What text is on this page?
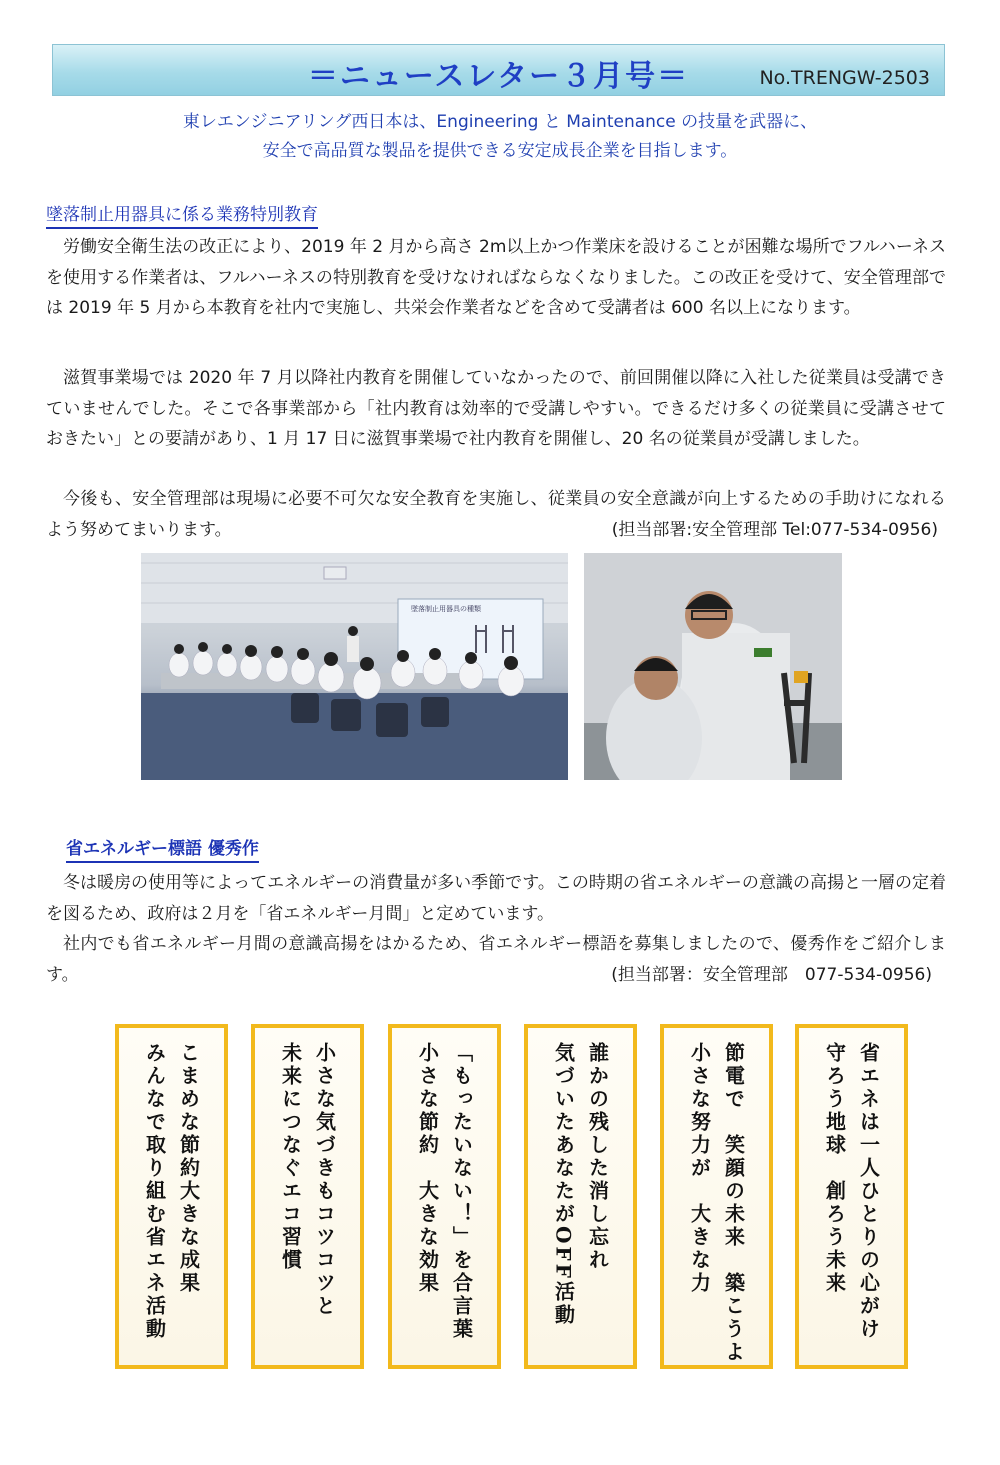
＝ニュースレター３月号＝	No.TRENGW-2503
東レエンジニアリング西日本は、Engineering と Maintenance の技量を武器に、
安全で高品質な製品を提供できる安定成長企業を目指します。
墜落制止用器具に係る業務特別教育

労働安全衛生法の改正により、2019 年 2 月から高さ 2m以上かつ作業床を設けることが困難な場所でフルハーネスを使用する作業者は、フルハーネスの特別教育を受けなければならなくなりました。この改正を受けて、安全管理部では 2019 年 5 月から本教育を社内で実施し、共栄会作業者などを含めて受講者は 600 名以上になります。

滋賀事業場では 2020 年 7 月以降社内教育を開催していなかったので、前回開催以降に入社した従業員は受講できていませんでした。そこで各事業部から「社内教育は効率的で受講しやすい。できるだけ多くの従業員に受講させておきたい」との要請があり、1 月 17 日に滋賀事業場で社内教育を開催し、20 名の従業員が受講しました。

今後も、安全管理部は現場に必要不可欠な安全教育を実施し、従業員の安全意識が向上するための手助けになれるよう努めてまいります。	(担当部署:安全管理部 Tel:077-534-0956)
墜落制止用器具の種類
省エネルギー標語 優秀作

冬は暖房の使用等によってエネルギーの消費量が多い季節です。この時期の省エネルギーの意識の高揚と一層の定着を図るため、政府は２月を「省エネルギー月間」と定めています。

社内でも省エネルギー月間の意識高揚をはかるため、省エネルギー標語を募集しましたので、優秀作をご紹介します。	(担当部署：安全管理部　077-534-0956)
省エネは一人ひとりの心がけ
守ろう地球　創ろう未来
節電で　笑顔の未来　築こうよ
小さな努力が　大きな力
誰かの残した消し忘れ
気づいたあなたがOFF活動
「もったいない！」を合言葉
小さな節約　大きな効果
小さな気づきもコツコツと
未来につなぐエコ習慣
こまめな節約大きな成果
みんなで取り組む省エネ活動
